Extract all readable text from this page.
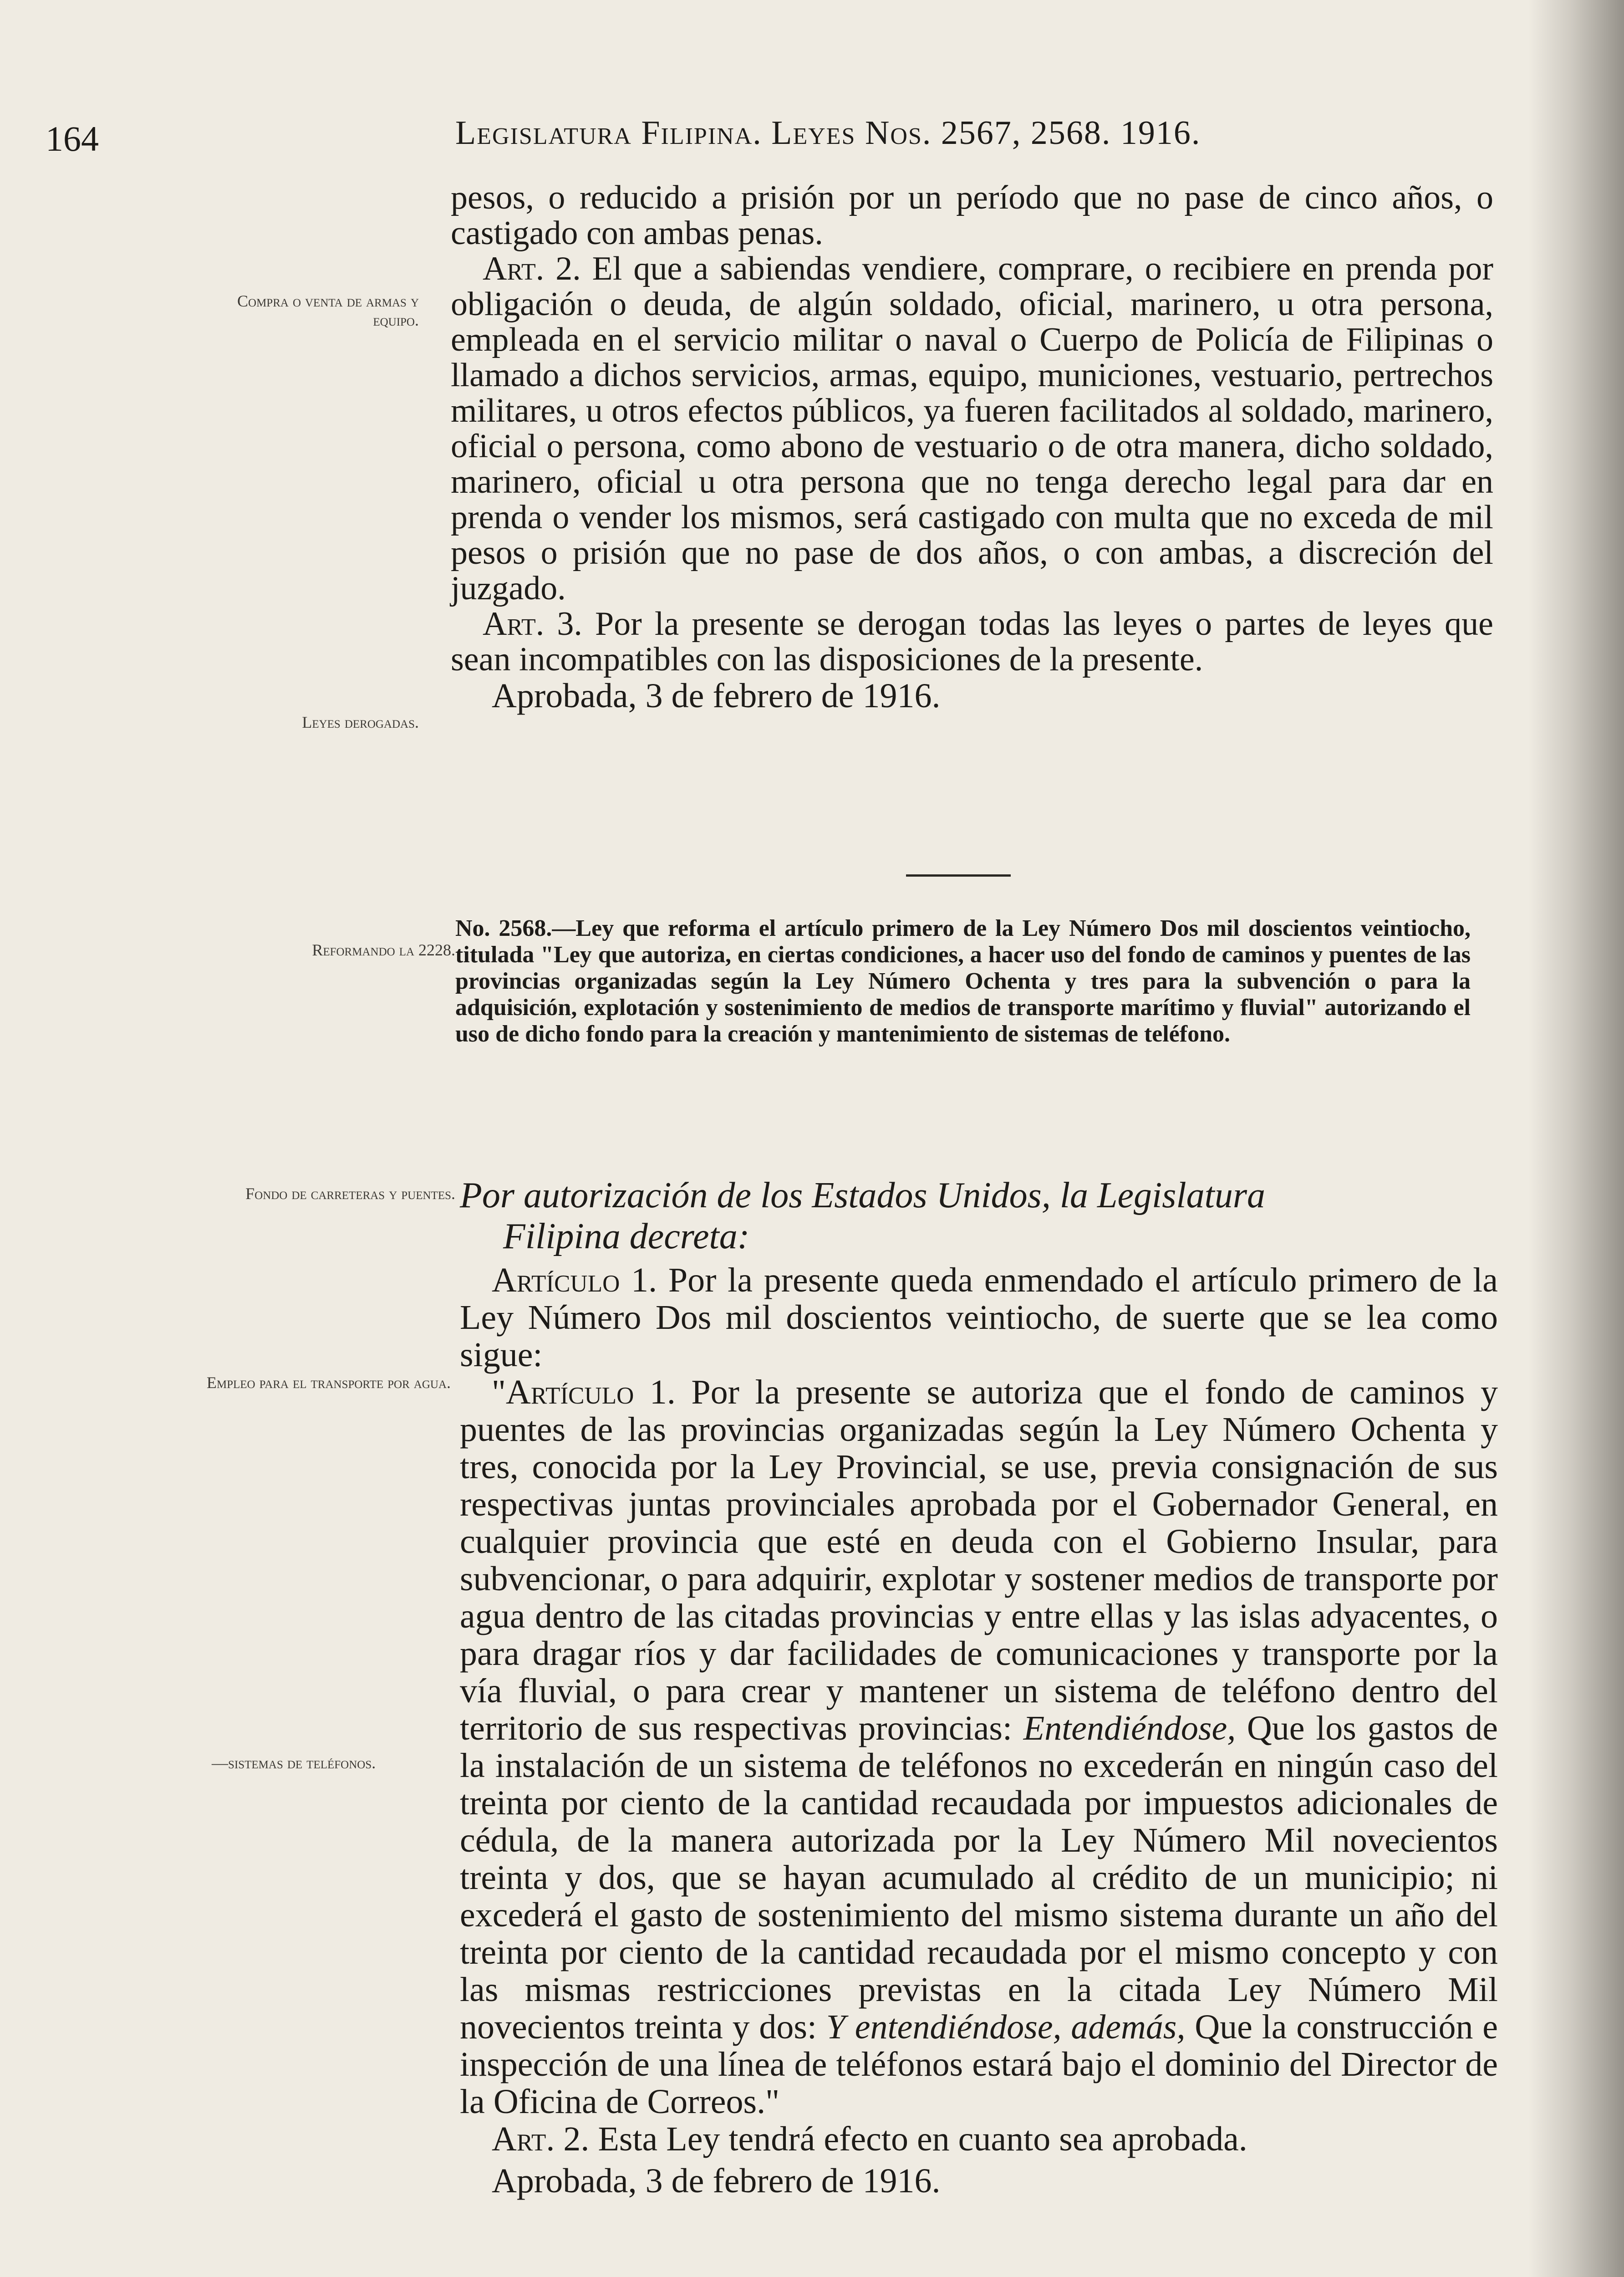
164	Legislatura Filipina. Leyes Nos. 2567, 2568. 1916.
Compra o venta de armas y equipo.
Leyes derogadas.
Reformando la 2228.
Fondo de carreteras y puentes.
Empleo para el transporte por agua.
—sistemas de teléfonos.

pesos, o reducido a prisión por un período que no pase de cinco años, o castigado con ambas penas.

Art. 2. El que a sabiendas vendiere, comprare, o recibiere en prenda por obligación o deuda, de algún soldado, oficial, marinero, u otra persona, empleada en el servicio militar o naval o Cuerpo de Policía de Filipinas o llamado a dichos servicios, armas, equipo, municiones, vestuario, pertrechos militares, u otros efectos públicos, ya fueren facilitados al soldado, marinero, oficial o persona, como abono de vestuario o de otra manera, dicho soldado, marinero, oficial u otra persona que no tenga derecho legal para dar en prenda o vender los mismos, será castigado con multa que no exceda de mil pesos o prisión que no pase de dos años, o con ambas, a discreción del juzgado.

Art. 3. Por la presente se derogan todas las leyes o partes de leyes que sean incompatibles con las disposiciones de la presente.

Aprobada, 3 de febrero de 1916.

No. 2568.—Ley que reforma el artículo primero de la Ley Número Dos mil doscientos veintiocho, titulada "Ley que autoriza, en ciertas condiciones, a hacer uso del fondo de caminos y puentes de las provincias organizadas según la Ley Número Ochenta y tres para la subvención o para la adquisición, explotación y sostenimiento de medios de transporte marítimo y fluvial" autorizando el uso de dicho fondo para la creación y mantenimiento de sistemas de teléfono.

Por autorización de los Estados Unidos, la Legislatura
Filipina decreta:

Artículo 1. Por la presente queda enmendado el artículo primero de la Ley Número Dos mil doscientos veintiocho, de suerte que se lea como sigue:

"Artículo 1. Por la presente se autoriza que el fondo de caminos y puentes de las provincias organizadas según la Ley Número Ochenta y tres, conocida por la Ley Provincial, se use, previa consignación de sus respectivas juntas provinciales aprobada por el Gobernador General, en cualquier provincia que esté en deuda con el Gobierno Insular, para subvencionar, o para adquirir, explotar y sostener medios de transporte por agua dentro de las citadas provincias y entre ellas y las islas adyacentes, o para dragar ríos y dar facilidades de comunicaciones y transporte por la vía fluvial, o para crear y mantener un sistema de teléfono dentro del territorio de sus respectivas provincias: Entendiéndose, Que los gastos de la instalación de un sistema de teléfonos no excederán en ningún caso del treinta por ciento de la cantidad recaudada por impuestos adicionales de cédula, de la manera autorizada por la Ley Número Mil novecientos treinta y dos, que se hayan acumulado al crédito de un municipio; ni excederá el gasto de sostenimiento del mismo sistema durante un año del treinta por ciento de la cantidad recaudada por el mismo concepto y con las mismas restricciones previstas en la citada Ley Número Mil novecientos treinta y dos: Y entendiéndose, además, Que la construcción e inspección de una línea de teléfonos estará bajo el dominio del Director de la Oficina de Correos."

Art. 2. Esta Ley tendrá efecto en cuanto sea aprobada.

Aprobada, 3 de febrero de 1916.
